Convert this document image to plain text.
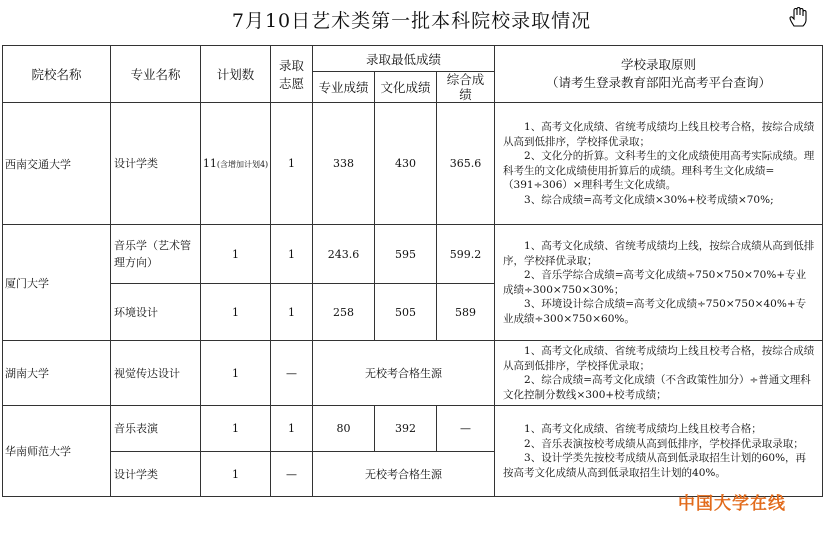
7月10日艺术类第一批本科院校录取情况
院校名称	专业名称	计划数	录取志愿	录取最低成绩			学校录取原则
（请考生登录教育部阳光高考平台查询）

				专业成绩	文化成绩	综合成绩	
西南交通大学	设计学类	11(含增加计划4)	1	338	430	365.6	1、高考文化成绩、省统考成绩均上线且校考合格，按综合成绩从高到低排序，学校择优录取；

2、文化分的折算。文科考生的文化成绩使用高考实际成绩。理科考生的文化成绩使用折算后的成绩。理科考生文化成绩=（391÷306）×理科考生文化成绩。

3、综合成绩=高考文化成绩×30%+校考成绩×70%;

厦门大学	音乐学（艺术管理方向）	1	1	243.6	595	599.2	1、高考文化成绩、省统考成绩均上线，按综合成绩从高到低排序，学校择优录取；

2、音乐学综合成绩=高考文化成绩÷750×750×70%+专业成绩÷300×750×30%；

3、环境设计综合成绩=高考文化成绩÷750×750×40%+专业成绩÷300×750×60%。

	环境设计	1	1	258	505	589	
湖南大学	视觉传达设计	1	—	无校考合格生源			1、高考文化成绩、省统考成绩均上线且校考合格，按综合成绩从高到低排序，学校择优录取；

2、综合成绩=高考文化成绩（不含政策性加分）÷普通文理科文化控制分数线×300+校考成绩；

华南师范大学	音乐表演	1	1	80	392	—	1、高考文化成绩、省统考成绩均上线且校考合格；

2、音乐表演按校考成绩从高到低排序，学校择优录取录取；

3、设计学类先按校考成绩从高到低录取招生计划的60%，再按高考文化成绩从高到低录取招生计划的40%。

	设计学类	1	—	无校考合格生源			
中国大学在线
